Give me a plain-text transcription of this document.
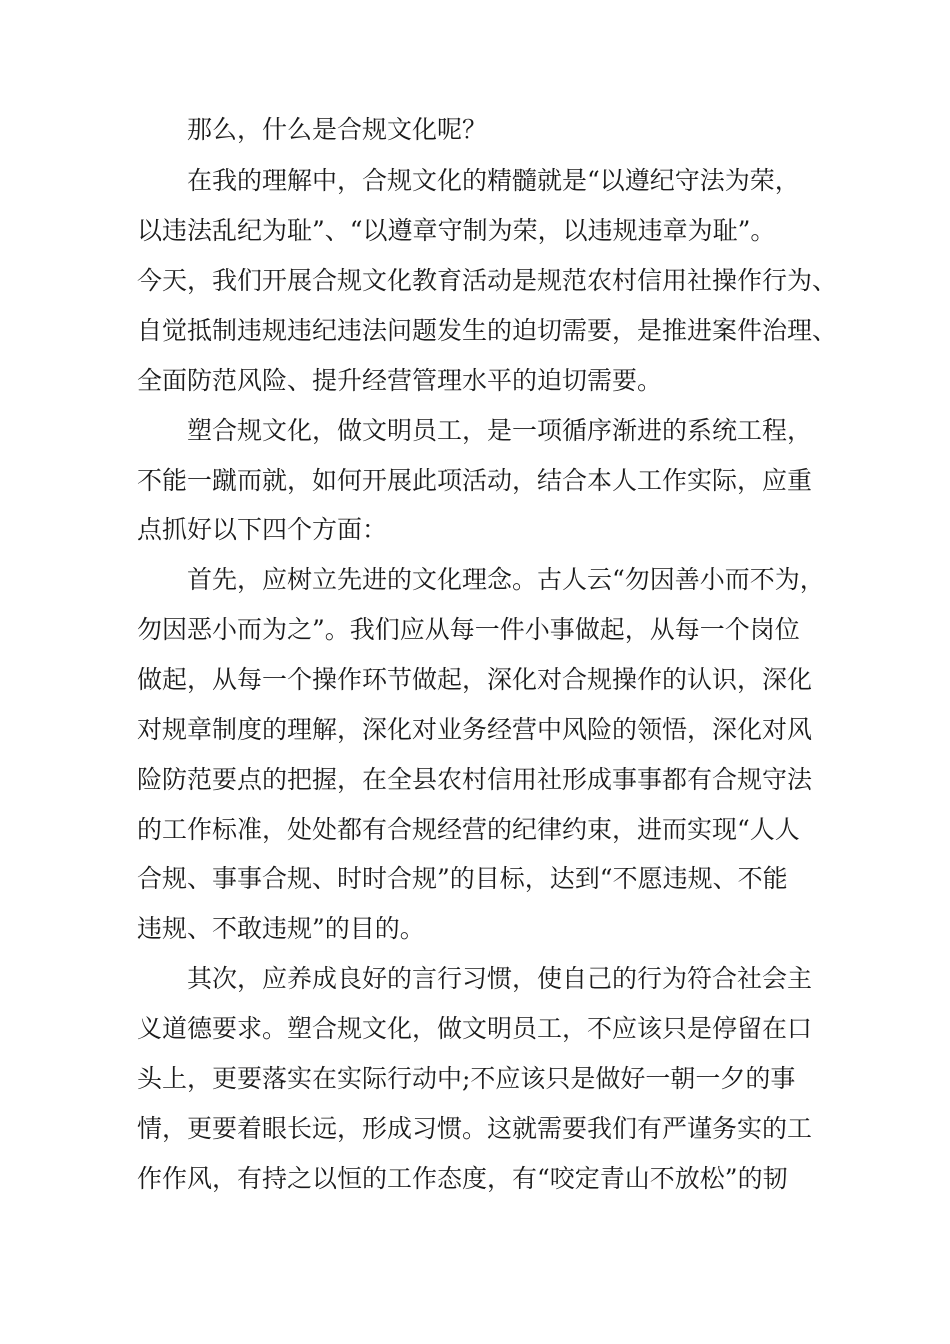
那么，什么是合规文化呢？

在我的理解中，合规文化的精髓就是“以遵纪守法为荣，

以违法乱纪为耻”、“以遵章守制为荣，以违规违章为耻”。

今天，我们开展合规文化教育活动是规范农村信用社操作行为、

自觉抵制违规违纪违法问题发生的迫切需要，是推进案件治理、

全面防范风险、提升经营管理水平的迫切需要。

塑合规文化，做文明员工，是一项循序渐进的系统工程，

不能一蹴而就，如何开展此项活动，结合本人工作实际，应重

点抓好以下四个方面：

首先，应树立先进的文化理念。古人云“勿因善小而不为，

勿因恶小而为之”。我们应从每一件小事做起，从每一个岗位

做起，从每一个操作环节做起，深化对合规操作的认识，深化

对规章制度的理解，深化对业务经营中风险的领悟，深化对风

险防范要点的把握，在全县农村信用社形成事事都有合规守法

的工作标准，处处都有合规经营的纪律约束，进而实现“人人

合规、事事合规、时时合规”的目标，达到“不愿违规、不能

违规、不敢违规”的目的。

其次，应养成良好的言行习惯，使自己的行为符合社会主

义道德要求。塑合规文化，做文明员工，不应该只是停留在口

头上，更要落实在实际行动中;不应该只是做好一朝一夕的事

情，更要着眼长远，形成习惯。这就需要我们有严谨务实的工

作作风，有持之以恒的工作态度，有“咬定青山不放松”的韧
